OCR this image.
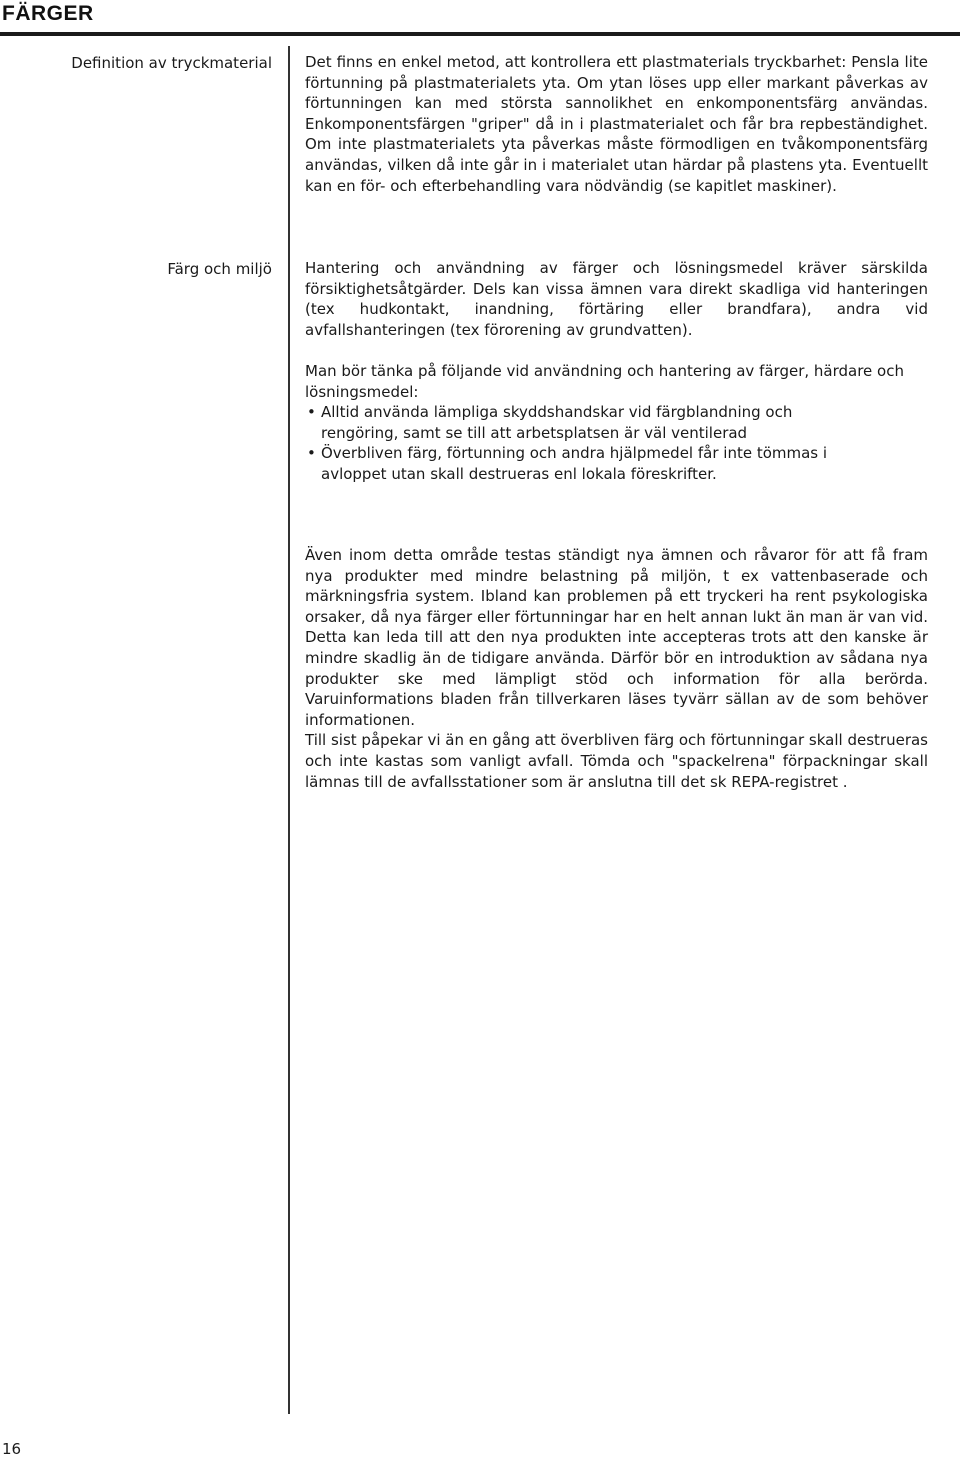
FÄRGER
Definition av tryckmaterial Det finns en enkel metod, att kontrollera ett plastmaterials tryckbarhet: Pensla lite förtunning på plastmaterialets yta. Om ytan löses upp eller markant påverkas av förtunningen kan med största sannolikhet en enkomponentsfärg användas. Enkomponentsfärgen "griper" då in i plastmaterialet och får bra repbeständighet. Om inte plastmaterialets yta påverkas måste förmodligen en tvåkomponentsfärg användas, vilken då inte går in i materialet utan härdar på plastens yta. Eventuellt kan en för- och efterbehandling vara nödvändig (se kapitlet maskiner).

Färg och miljö Hantering och användning av färger och lösningsmedel kräver särskilda försiktighetsåtgärder. Dels kan vissa ämnen vara direkt skadliga vid hanteringen (tex hudkontakt, inandning, förtäring eller brandfara), andra vid avfallshanteringen (tex förorening av grundvatten).

Man bör tänka på följande vid användning och hantering av färger, härdare och lösningsmedel:

• Alltid använda lämpliga skyddshandskar vid färgblandning och rengöring, samt se till att arbetsplatsen är väl ventilerad
• Överbliven färg, förtunning och andra hjälpmedel får inte tömmas i avloppet utan skall destrueras enl lokala föreskrifter.

Även inom detta område testas ständigt nya ämnen och råvaror för att få fram nya produkter med mindre belastning på miljön, t ex vattenbaserade och märkningsfria system. Ibland kan problemen på ett tryckeri ha rent psykologiska orsaker, då nya färger eller förtunningar har en helt annan lukt än man är van vid. Detta kan leda till att den nya produkten inte accepteras trots att den kanske är mindre skadlig än de tidigare använda. Därför bör en introduktion av sådana nya produkter ske med lämpligt stöd och information för alla berörda. Varuinformations bladen från tillverkaren läses tyvärr sällan av de som behöver informationen.

Till sist påpekar vi än en gång att överbliven färg och förtunningar skall destrueras och inte kastas som vanligt avfall. Tömda och "spackelrena" förpackningar skall lämnas till de avfallsstationer som är anslutna till det sk REPA-registret .

16
